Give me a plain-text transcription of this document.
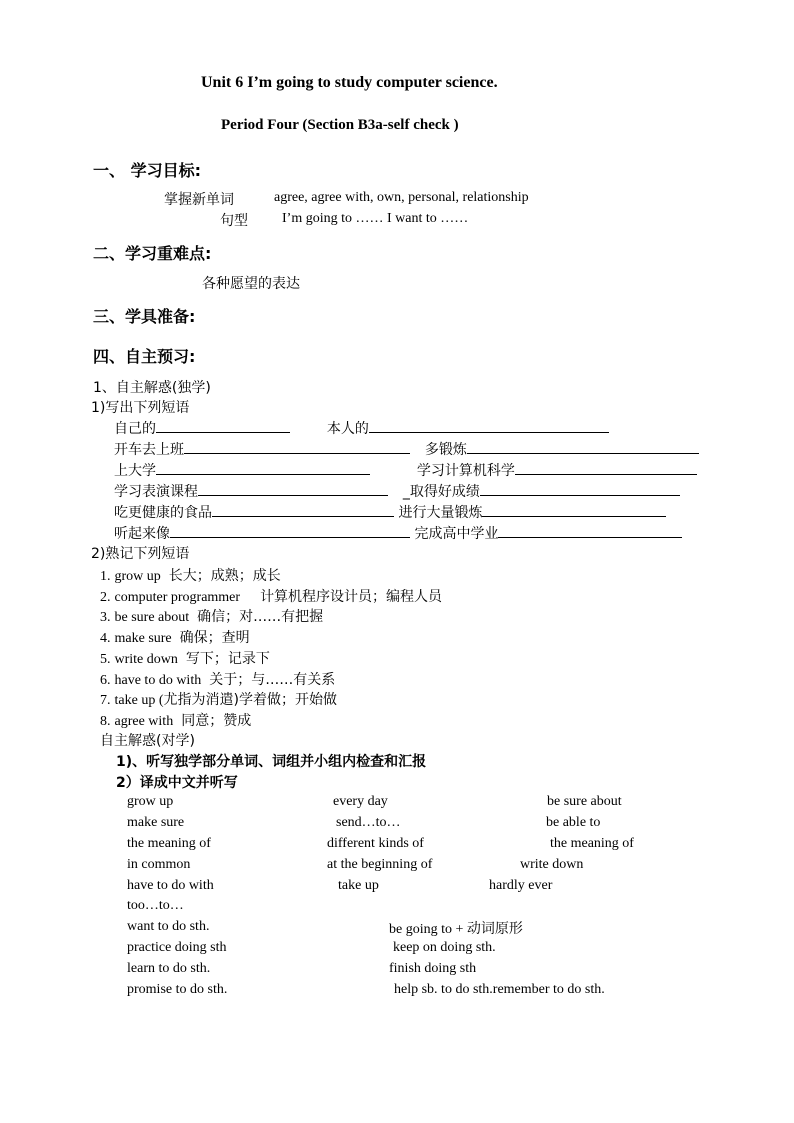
Unit 6 I’m going to study computer science.
Period Four (Section B3a-self check )
一、 学习目标:
掌握新单词	agree, agree with, own, personal, relationship
句型 I’m going to …… I want to ……
二、学习重难点:
各种愿望的表达
三、学具准备:
四、自主预习:
1、自主解惑(独学)
1)写出下列短语
自己的	本人的
开车去上班	多锻炼
上大学	学习计算机科学
学习表演课程	_取得好成绩
吃更健康的食品	进行大量锻炼
听起来像	完成高中学业
2)熟记下列短语
1. grow up 长大；成熟；成长
2. computer programmer 计算机程序设计员；编程人员
3. be sure about 确信；对……有把握
4. make sure 确保；查明
5. write down 写下；记录下
6. have to do with 关于；与……有关系
7. take up (尤指为消遣)学着做；开始做
8. agree with 同意；赞成
自主解惑(对学)
1)、听写独学部分单词、词组并小组内检查和汇报
2）译成中文并听写
grow up	every day	be sure about
make sure	send…to…	be able to
the meaning of	different kinds of	the meaning of
in common	at the beginning of	write down
have to do with	take up	hardly ever
too…to…
want to do sth.	be going to + 动词原形
practice doing sth	keep on doing sth.
learn to do sth.	finish doing sth
promise to do sth.	help sb. to do sth.remember to do sth.
